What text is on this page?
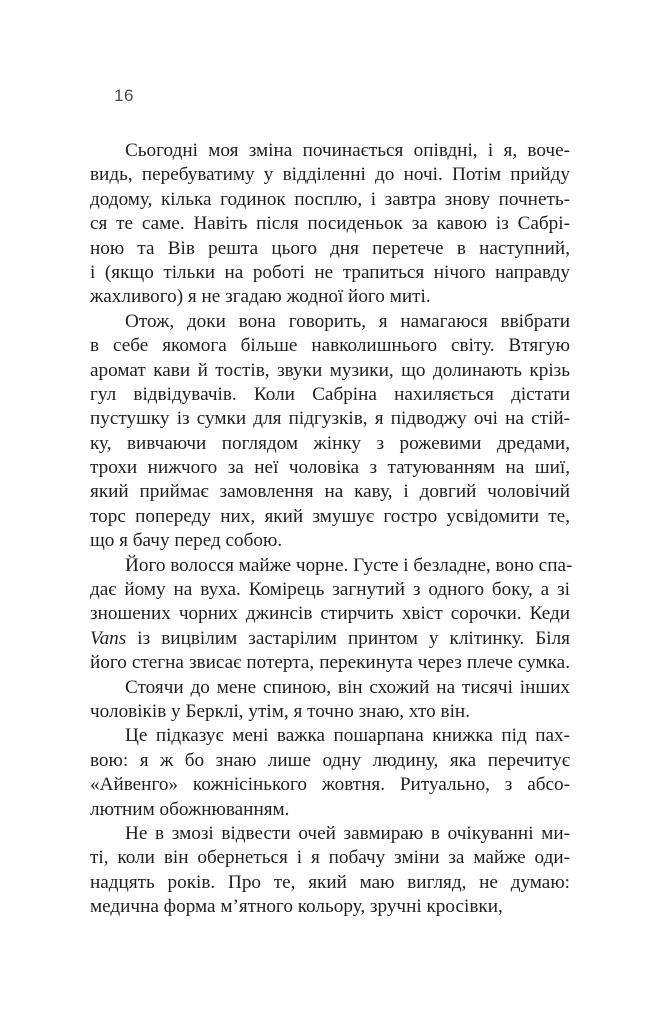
16
Сьогодні моя зміна починається опівдні, і я, воче-
видь, перебуватиму у відділенні до ночі. Потім прийду
додому, кілька годинок посплю, і завтра знову почнеть-
ся те саме. Навіть після посиденьок за кавою із Сабрі-
ною та Вів решта цього дня перетече в наступний,
і (якщо тільки на роботі не трапиться нічого направду
жахливого) я не згадаю жодної його миті.
Отож, доки вона говорить, я намагаюся ввібрати
в себе якомога більше навколишнього світу. Втягую
аромат кави й тостів, звуки музики, що долинають крізь
гул відвідувачів. Коли Сабріна нахиляється дістати
пустушку із сумки для підгузків, я підводжу очі на стій-
ку, вивчаючи поглядом жінку з рожевими дредами,
трохи нижчого за неї чоловіка з татуюванням на шиї,
який приймає замовлення на каву, і довгий чоловічий
торс попереду них, який змушує гостро усвідомити те,
що я бачу перед собою.
Його волосся майже чорне. Густе і безладне, воно спа-
дає йому на вуха. Комірець загнутий з одного боку, а зі
зношених чорних джинсів стирчить хвіст сорочки. Кеди
Vans із вицвілим застарілим принтом у клітинку. Біля
його стегна звисає потерта, перекинута через плече сумка.
Стоячи до мене спиною, він схожий на тисячі інших
чоловіків у Берклі, утім, я точно знаю, хто він.
Це підказує мені важка пошарпана книжка під пах-
вою: я ж бо знаю лише одну людину, яка перечитує
«Айвенго» кожнісінького жовтня. Ритуально, з абсо-
лютним обожнюванням.
Не в змозі відвести очей завмираю в очікуванні ми-
ті, коли він обернеться і я побачу зміни за майже оди-
надцять років. Про те, який маю вигляд, не думаю:
медична форма м’ятного кольору, зручні кросівки,
